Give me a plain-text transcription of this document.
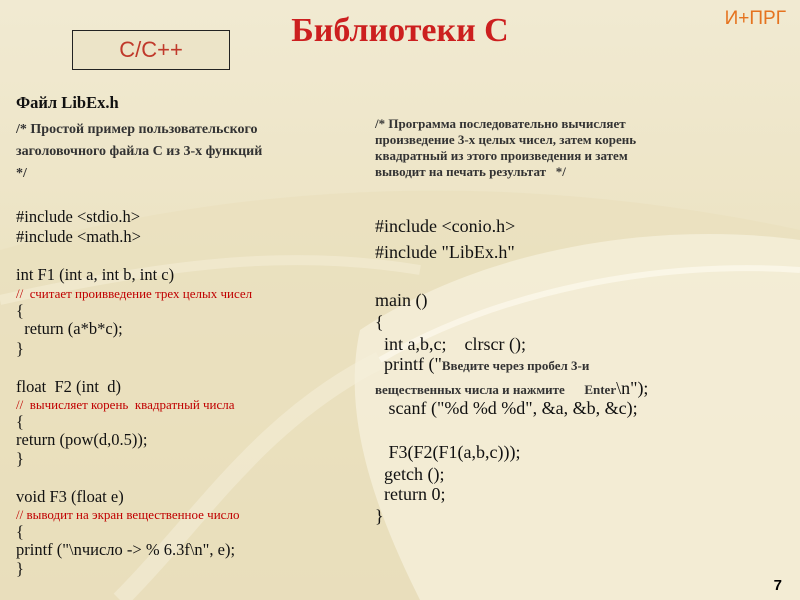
Библиотеки C	И+ПРГ
C/C++
Файл LibEx.h
/* Простой пример пользовательского
заголовочного файла С из 3-х функций
*/
#include <stdio.h>
#include <math.h>
int F1 (int a, int b, int c)
//  считает проивведение трех целых чисел
{
return (a*b*c);
}
float  F2 (int  d)
//  вычисляет корень  квадратный числа
{
return (pow(d,0.5));
}
void F3 (float e)
// выводит на экран вещественное число
{
printf ("\nчисло -> % 6.3f\n", e);
}
/* Программа последовательно вычисляет
произведение 3-х целых чисел, затем корень
квадратный из этого произведения и затем
выводит на печать результат   */
#include <conio.h>
#include "LibEx.h"
main ()
{
int a,b,c;    clrscr ();
printf ("Введите через пробел 3-и
вещественных числа и нажмите      Enter\n");
scanf ("%d %d %d", &a, &b, &c);
F3(F2(F1(a,b,c)));
getch ();
return 0;
}
7
